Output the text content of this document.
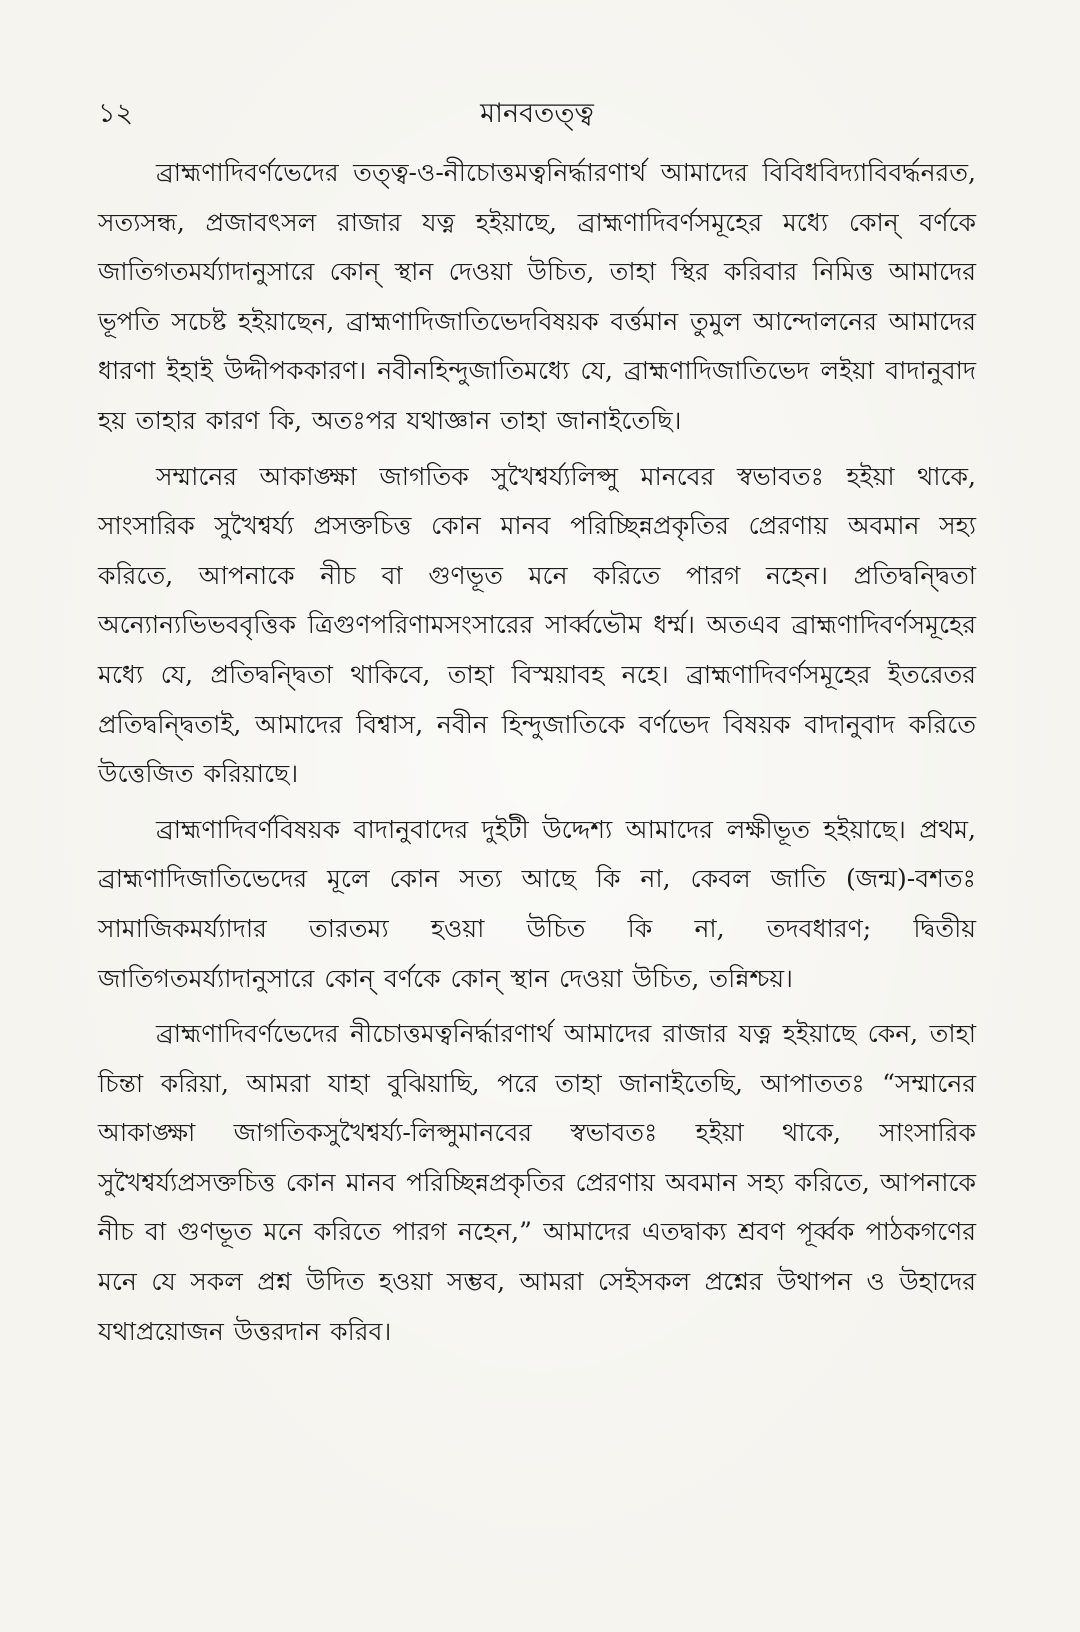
১২	মানবতত্ত্ব

ব্রাহ্মণাদিবর্ণভেদের তত্ত্ব-ও-নীচোত্তমত্বনির্দ্ধারণার্থ আমাদের বিবিধবিদ্যাবিবর্দ্ধনরত, সত্যসন্ধ, প্রজাবৎসল রাজার যত্ন হইয়াছে, ব্রাহ্মণাদিবর্ণসমূহের মধ্যে কোন্ বর্ণকে জাতিগতমর্য্যাদানুসারে কোন্ স্থান দেওয়া উচিত, তাহা স্থির করিবার নিমিত্ত আমাদের ভূপতি সচেষ্ট হইয়াছেন, ব্রাহ্মণাদিজাতিভেদবিষয়ক বর্ত্তমান তুমুল আন্দোলনের আমাদের ধারণা ইহাই উদ্দীপককারণ। নবীনহিন্দুজাতিমধ্যে যে, ব্রাহ্মণাদিজাতিভেদ লইয়া বাদানুবাদ হয় তাহার কারণ কি, অতঃপর যথাজ্ঞান তাহা জানাইতেছি।

সম্মানের আকাঙ্ক্ষা জাগতিক সুখৈশ্বর্য্যলিপ্সু মানবের স্বভাবতঃ হইয়া থাকে, সাংসারিক সুখৈশ্বর্য্য প্রসক্তচিত্ত কোন মানব পরিচ্ছিন্নপ্রকৃতির প্রেরণায় অবমান সহ্য করিতে, আপনাকে নীচ বা গুণভূত মনে করিতে পারগ নহেন। প্রতিদ্বন্দ্বিতা অন্যোন্যভিভববৃত্তিক ত্রিগুণপরিণামসংসারের সার্ব্বভৌম ধর্ম্ম। অতএব ব্রাহ্মণাদিবর্ণসমূহের মধ্যে যে, প্রতিদ্বন্দ্বিতা থাকিবে, তাহা বিস্ময়াবহ নহে। ব্রাহ্মণাদিবর্ণসমূহের ইতরেতর প্রতিদ্বন্দ্বিতাই, আমাদের বিশ্বাস, নবীন হিন্দুজাতিকে বর্ণভেদ বিষয়ক বাদানুবাদ করিতে উত্তেজিত করিয়াছে।

ব্রাহ্মণাদিবর্ণবিষয়ক বাদানুবাদের দুইটী উদ্দেশ্য আমাদের লক্ষীভূত হইয়াছে। প্রথম, ব্রাহ্মণাদিজাতিভেদের মূলে কোন সত্য আছে কি না, কেবল জাতি (জন্ম)-বশতঃ সামাজিকমর্য্যাদার তারতম্য হওয়া উচিত কি না, তদবধারণ; দ্বিতীয় জাতিগতমর্য্যাদানুসারে কোন্ বর্ণকে কোন্ স্থান দেওয়া উচিত, তন্নিশ্চয়।

ব্রাহ্মণাদিবর্ণভেদের নীচোত্তমত্বনির্দ্ধারণার্থ আমাদের রাজার যত্ন হইয়াছে কেন, তাহা চিন্তা করিয়া, আমরা যাহা বুঝিয়াছি, পরে তাহা জানাইতেছি, আপাততঃ “সম্মানের আকাঙ্ক্ষা জাগতিকসুখৈশ্বর্য্য-লিপ্সুমানবের স্বভাবতঃ হইয়া থাকে, সাংসারিক সুখৈশ্বর্য্যপ্রসক্তচিত্ত কোন মানব পরিচ্ছিন্নপ্রকৃতির প্রেরণায় অবমান সহ্য করিতে, আপনাকে নীচ বা গুণভূত মনে করিতে পারগ নহেন,” আমাদের এতদ্বাক্য শ্রবণ পূর্ব্বক পাঠকগণের মনে যে সকল প্রশ্ন উদিত হওয়া সম্ভব, আমরা সেইসকল প্রশ্নের উথাপন ও উহাদের যথাপ্রয়োজন উত্তরদান করিব।
